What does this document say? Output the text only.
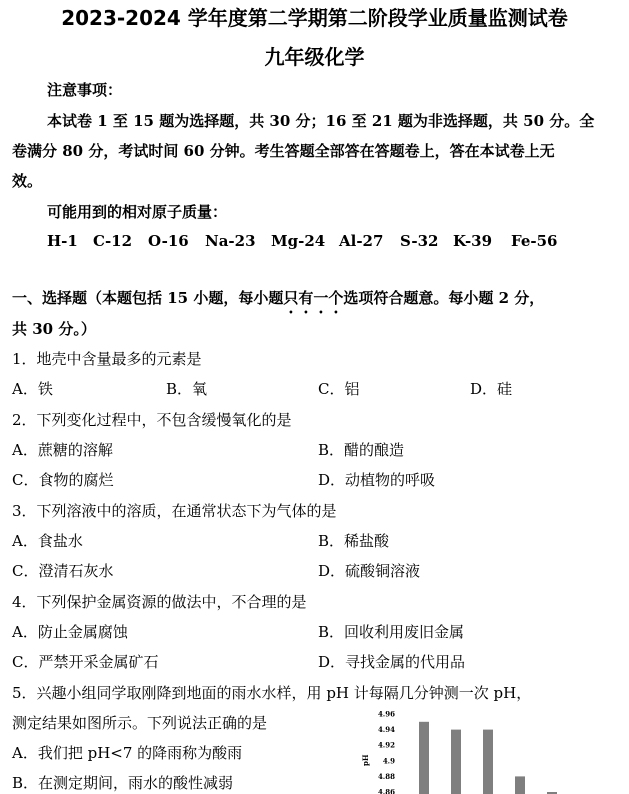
2023-2024 学年度第二学期第二阶段学业质量监测试卷
九年级化学
注意事项：
本试卷 1 至 15 题为选择题，共 30 分；16 至 21 题为非选择题，共 50 分。全
卷满分 80 分，考试时间 60 分钟。考生答题全部答在答题卷上，答在本试卷上无
效。
可能用到的相对原子质量：
H-1 C-12 O-16 Na-23 Mg-24 Al-27 S-32 K-39 Fe-56
一、选择题（本题包括 15 小题，每小题只有一个选项符合题意。每小题 2 分，
共 30 分。）
1．地壳中含量最多的元素是
A．铁	B．氧	C．铝	D．硅
2．下列变化过程中，不包含缓慢氧化的是
A．蔗糖的溶解	B．醋的酿造
C．食物的腐烂	D．动植物的呼吸
3．下列溶液中的溶质，在通常状态下为气体的是
A．食盐水	B．稀盐酸
C．澄清石灰水	D．硫酸铜溶液
4．下列保护金属资源的做法中，不合理的是
A．防止金属腐蚀	B．回收利用废旧金属
C．严禁开采金属矿石	D．寻找金属的代用品
5．兴趣小组同学取刚降到地面的雨水水样，用 pH 计每隔几分钟测一次 pH，
测定结果如图所示。下列说法正确的是
A．我们把 pH<7 的降雨称为酸雨
B．在测定期间，雨水的酸性减弱
pH
4.96
4.94
4.92
4.9
4.88
4.86
